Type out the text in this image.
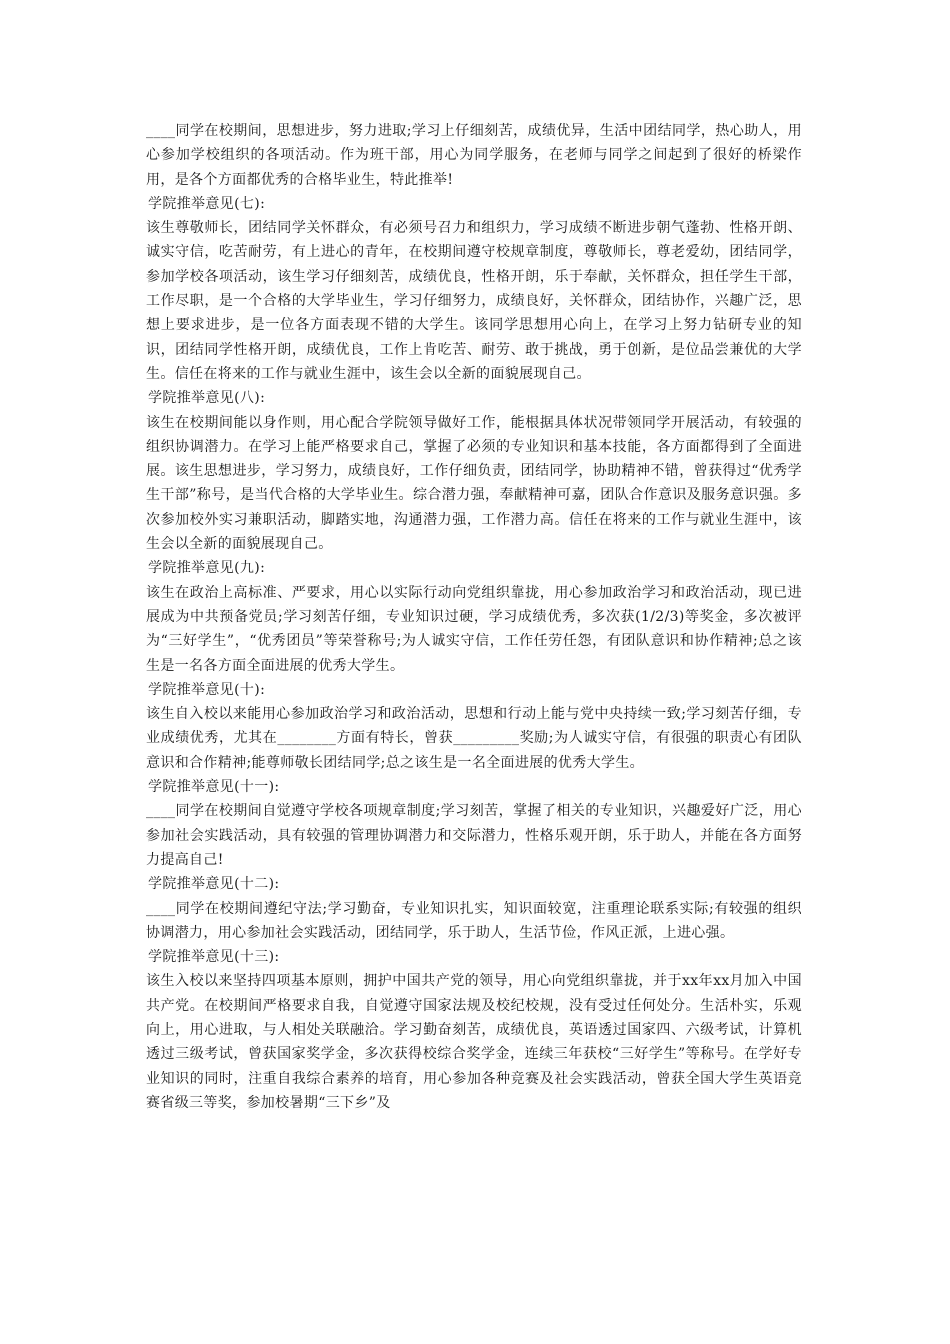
____同学在校期间，思想进步，努力进取;学习上仔细刻苦，成绩优异，生活中团结同学，热心助人，用心参加学校组织的各项活动。作为班干部，用心为同学服务，在老师与同学之间起到了很好的桥梁作用，是各个方面都优秀的合格毕业生，特此推举!

学院推举意见(七):

该生尊敬师长，团结同学关怀群众，有必须号召力和组织力，学习成绩不断进步朝气蓬勃、性格开朗、诚实守信，吃苦耐劳，有上进心的青年，在校期间遵守校规章制度，尊敬师长，尊老爱幼，团结同学，参加学校各项活动，该生学习仔细刻苦，成绩优良，性格开朗，乐于奉献，关怀群众，担任学生干部，工作尽职，是一个合格的大学毕业生，学习仔细努力，成绩良好，关怀群众，团结协作，兴趣广泛，思想上要求进步，是一位各方面表现不错的大学生。该同学思想用心向上，在学习上努力钻研专业的知识，团结同学性格开朗，成绩优良，工作上肯吃苦、耐劳、敢于挑战，勇于创新，是位品尝兼优的大学生。信任在将来的工作与就业生涯中，该生会以全新的面貌展现自己。

学院推举意见(八):

该生在校期间能以身作则，用心配合学院领导做好工作，能根据具体状况带领同学开展活动，有较强的组织协调潜力。在学习上能严格要求自己，掌握了必须的专业知识和基本技能，各方面都得到了全面进展。该生思想进步，学习努力，成绩良好，工作仔细负责，团结同学，协助精神不错，曾获得过“优秀学生干部”称号，是当代合格的大学毕业生。综合潜力强，奉献精神可嘉，团队合作意识及服务意识强。多次参加校外实习兼职活动，脚踏实地，沟通潜力强，工作潜力高。信任在将来的工作与就业生涯中，该生会以全新的面貌展现自己。

学院推举意见(九):

该生在政治上高标准、严要求，用心以实际行动向党组织靠拢，用心参加政治学习和政治活动，现已进展成为中共预备党员;学习刻苦仔细，专业知识过硬，学习成绩优秀，多次获(1/2/3)等奖金，多次被评为“三好学生”，“优秀团员”等荣誉称号;为人诚实守信，工作任劳任怨，有团队意识和协作精神;总之该生是一名各方面全面进展的优秀大学生。

学院推举意见(十):

该生自入校以来能用心参加政治学习和政治活动，思想和行动上能与党中央持续一致;学习刻苦仔细，专业成绩优秀，尤其在________方面有特长，曾获_________奖励;为人诚实守信，有很强的职责心有团队意识和合作精神;能尊师敬长团结同学;总之该生是一名全面进展的优秀大学生。

学院推举意见(十一):

____同学在校期间自觉遵守学校各项规章制度;学习刻苦，掌握了相关的专业知识，兴趣爱好广泛，用心参加社会实践活动，具有较强的管理协调潜力和交际潜力，性格乐观开朗，乐于助人，并能在各方面努力提高自己!

学院推举意见(十二):

____同学在校期间遵纪守法;学习勤奋，专业知识扎实，知识面较宽，注重理论联系实际;有较强的组织协调潜力，用心参加社会实践活动，团结同学，乐于助人，生活节俭，作风正派，上进心强。

学院推举意见(十三):

该生入校以来坚持四项基本原则，拥护中国共产党的领导，用心向党组织靠拢，并于xx年xx月加入中国共产党。在校期间严格要求自我，自觉遵守国家法规及校纪校规，没有受过任何处分。生活朴实，乐观向上，用心进取，与人相处关联融洽。学习勤奋刻苦，成绩优良，英语透过国家四、六级考试，计算机透过三级考试，曾获国家奖学金，多次获得校综合奖学金，连续三年获校“三好学生”等称号。在学好专业知识的同时，注重自我综合素养的培育，用心参加各种竞赛及社会实践活动，曾获全国大学生英语竞赛省级三等奖，参加校暑期“三下乡”及
